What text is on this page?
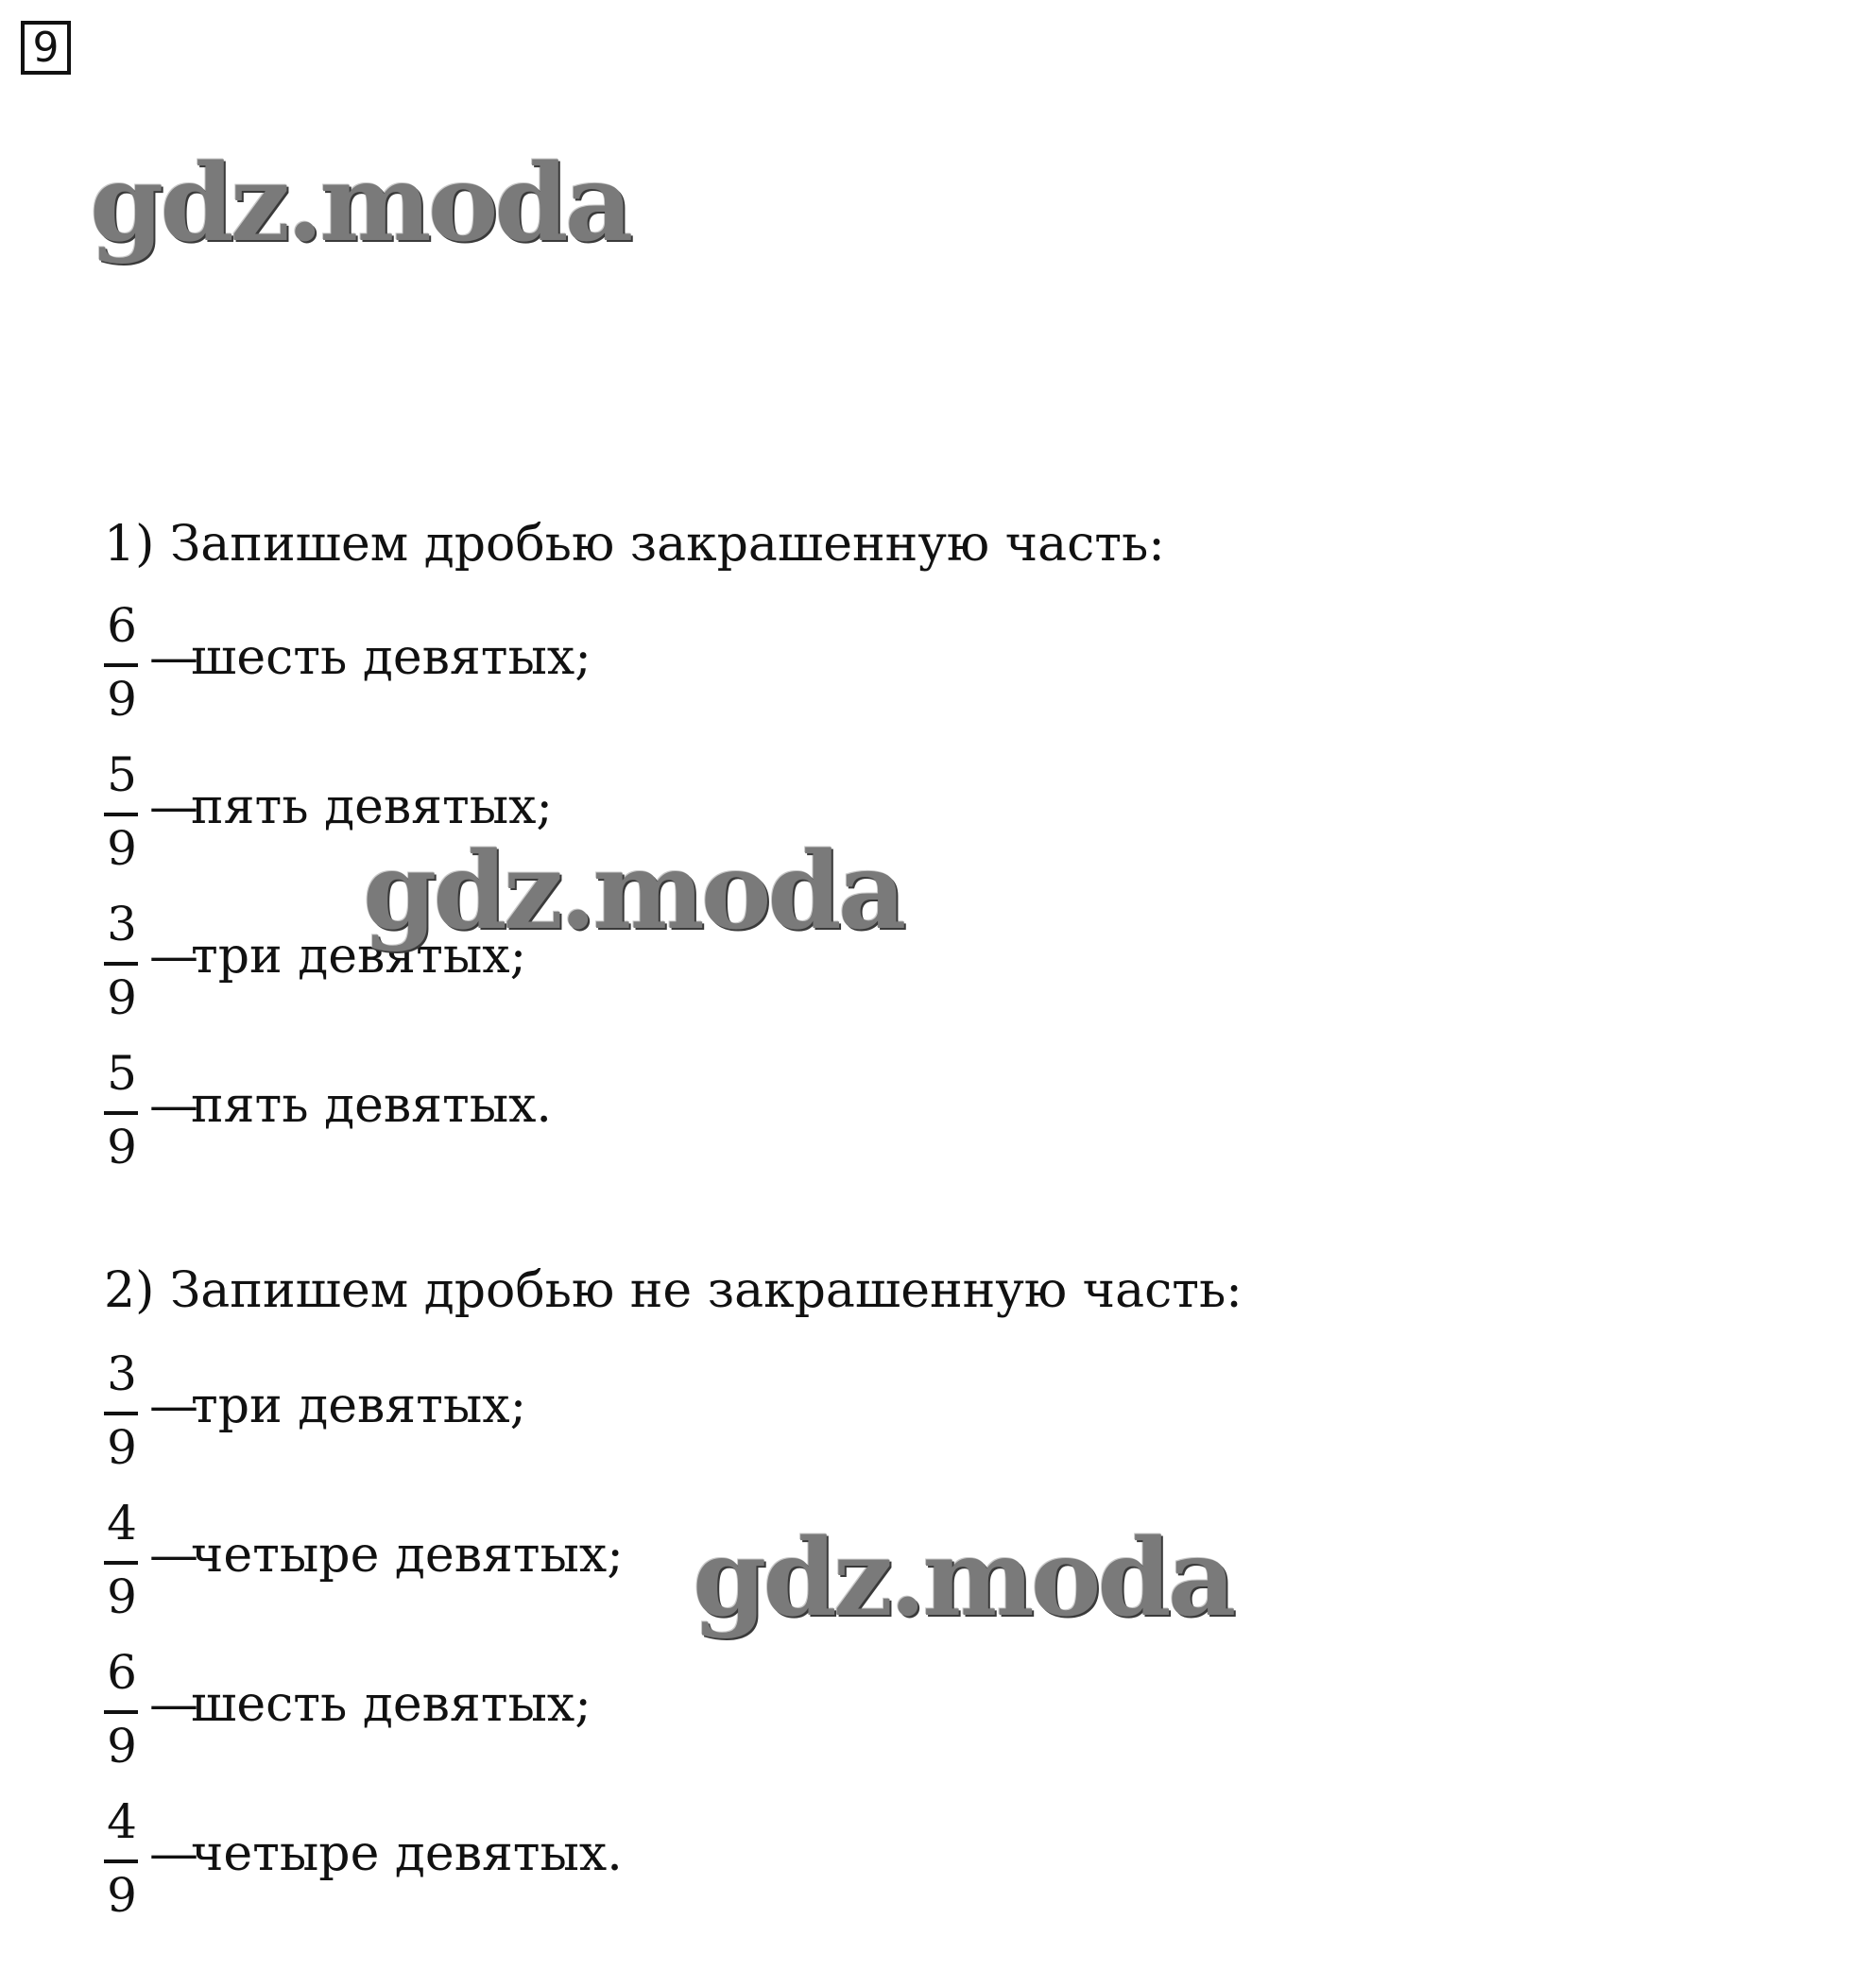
9
1) Запишем дробью закрашенную часть:
6
9
—шесть девятых;
5
9
—пять девятых;
3
9
—три девятых;
5
9
—пять девятых.
2) Запишем дробью не закрашенную часть:
3
9
—три девятых;
4
9
—четыре девятых;
6
9
—шесть девятых;
4
9
—четыре девятых.
gdz.moda
gdz.moda
gdz.moda
